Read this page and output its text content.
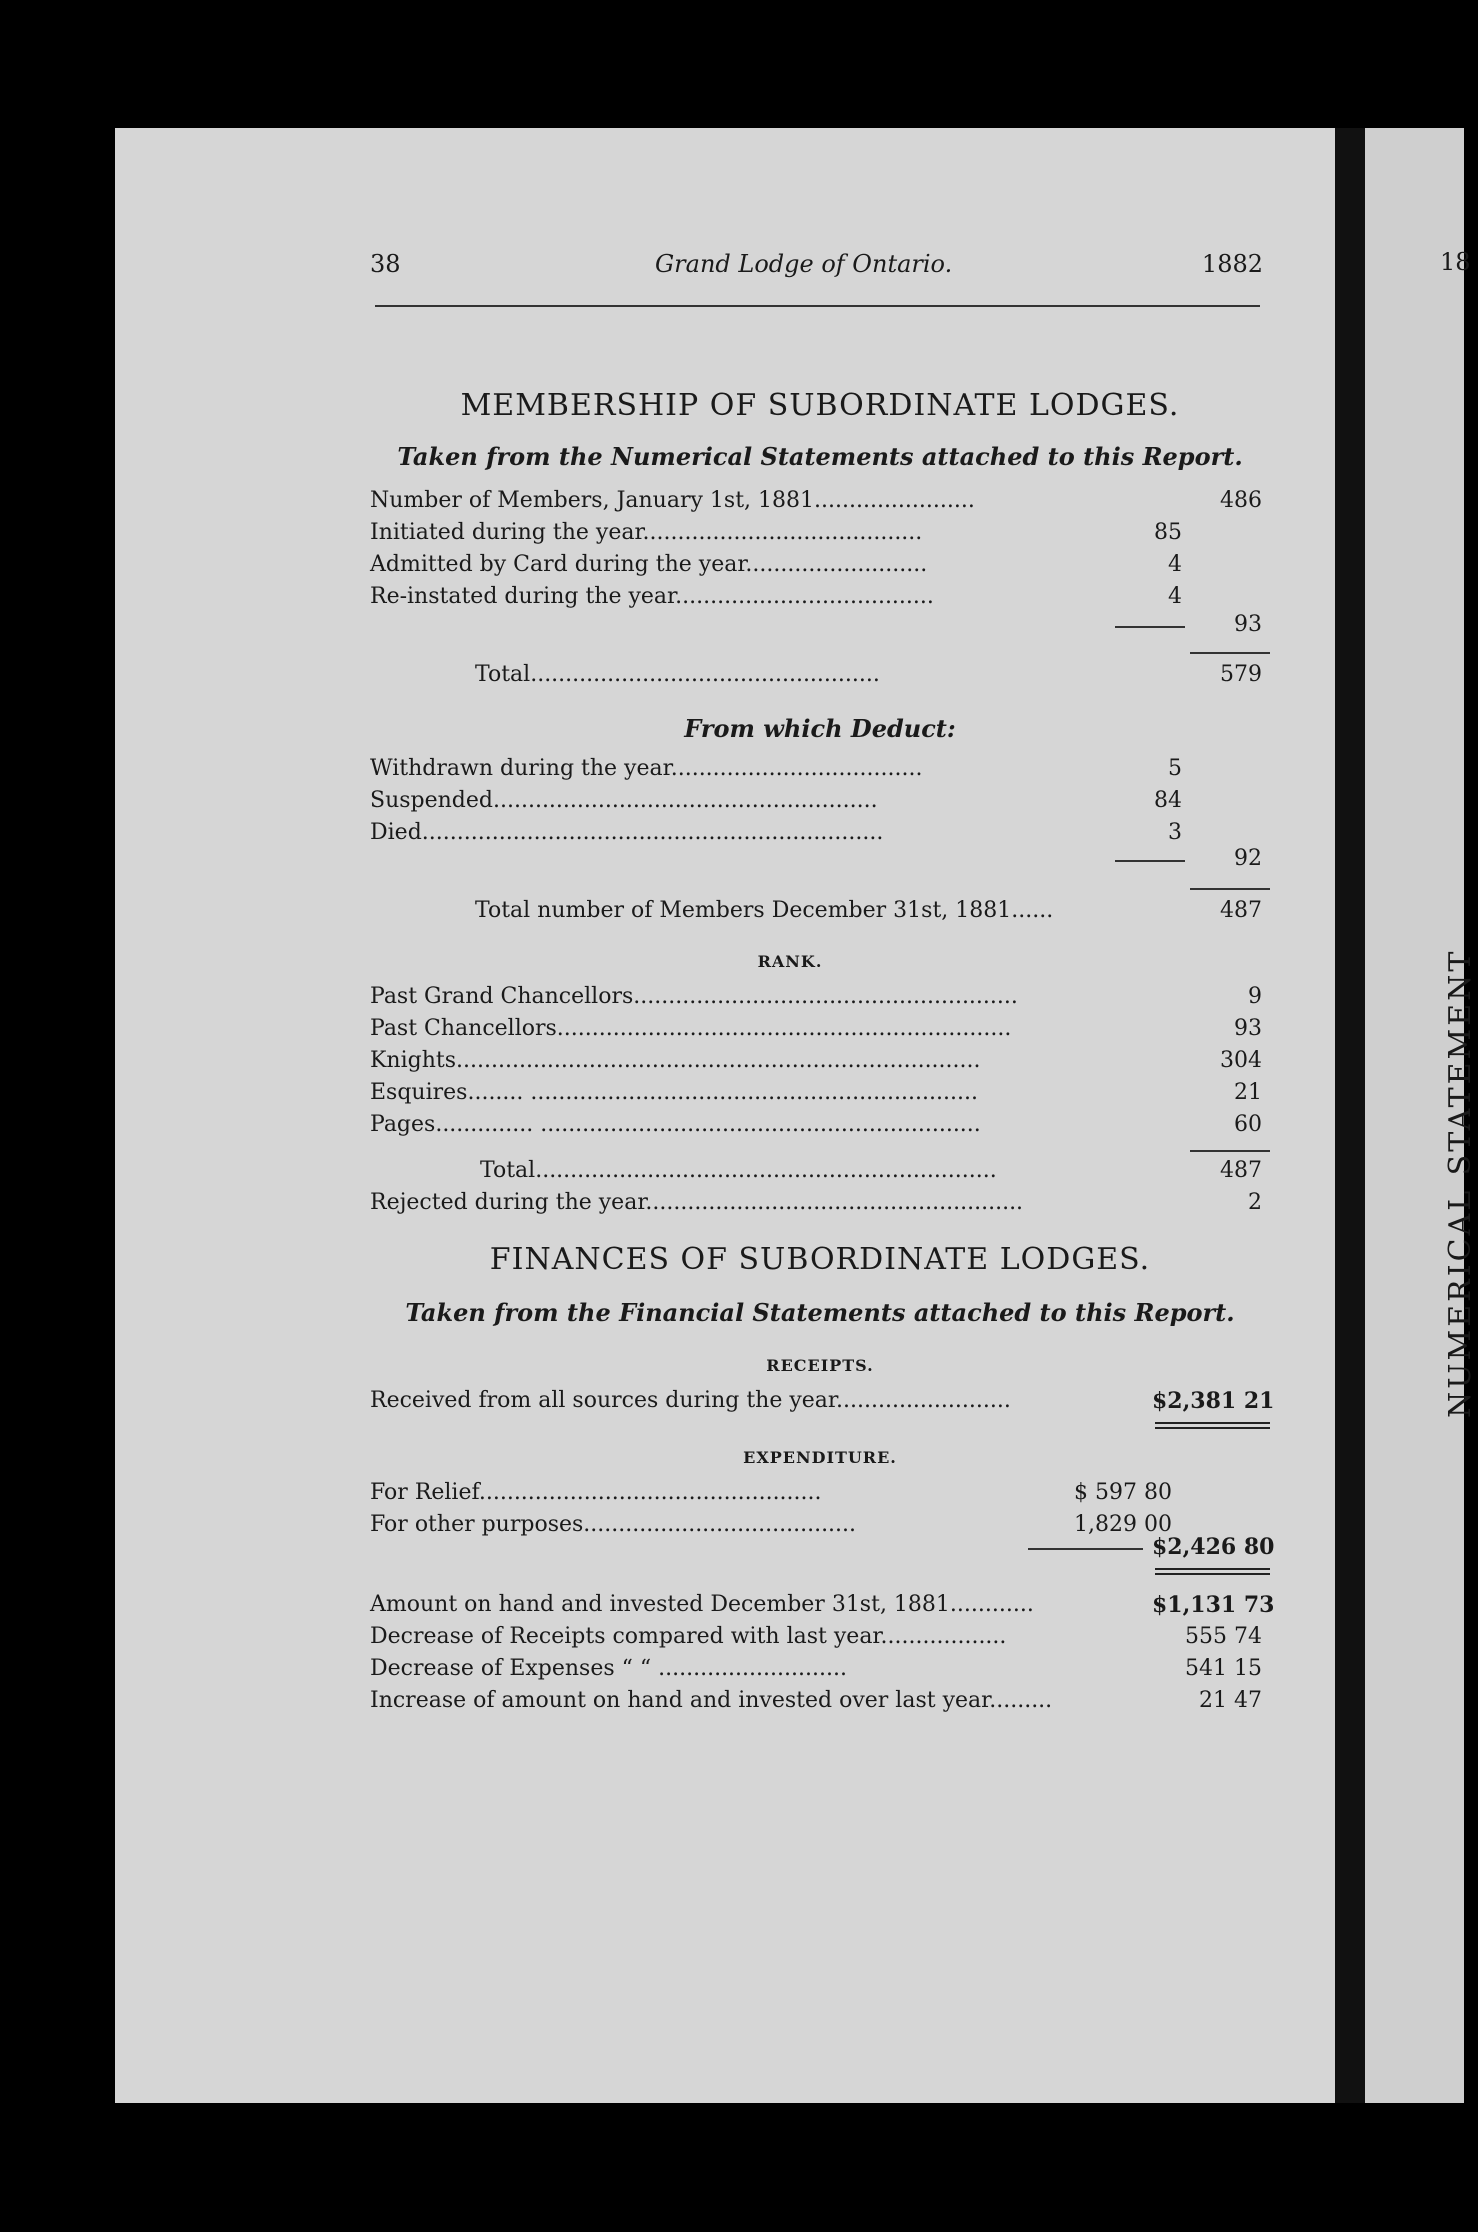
18
NUMERICAL STATEMENT
38	Grand Lodge of Ontario.	1882
MEMBERSHIP OF SUBORDINATE LODGES.
Taken from the Numerical Statements attached to this Report.
Number of Members, January 1st, 1881.......................	486
Initiated during the year........................................	85
Admitted by Card during the year..........................	4
Re-instated during the year.....................................	4
93
Total..................................................	579
From which Deduct:
Withdrawn during the year....................................	5
Suspended.......................................................	84
Died..................................................................	3
92
Total number of Members December 31st, 1881......	487
RANK.
Past Grand Chancellors.......................................................	9
Past Chancellors.................................................................	93
Knights...........................................................................	304
Esquires........ ................................................................	21
Pages.............. ...............................................................	60
Total..................................................................	487
Rejected during the year......................................................	2
FINANCES OF SUBORDINATE LODGES.
Taken from the Financial Statements attached to this Report.
RECEIPTS.
Received from all sources during the year.........................	$2,381 21
EXPENDITURE.
For Relief.................................................	$ 597 80
For other purposes.......................................	1,829 00
$2,426 80
Amount on hand and invested December 31st, 1881............	$1,131 73
Decrease of Receipts compared with last year..................	555 74
Decrease of Expenses “ “ ...........................	541 15
Increase of amount on hand and invested over last year.........	21 47
